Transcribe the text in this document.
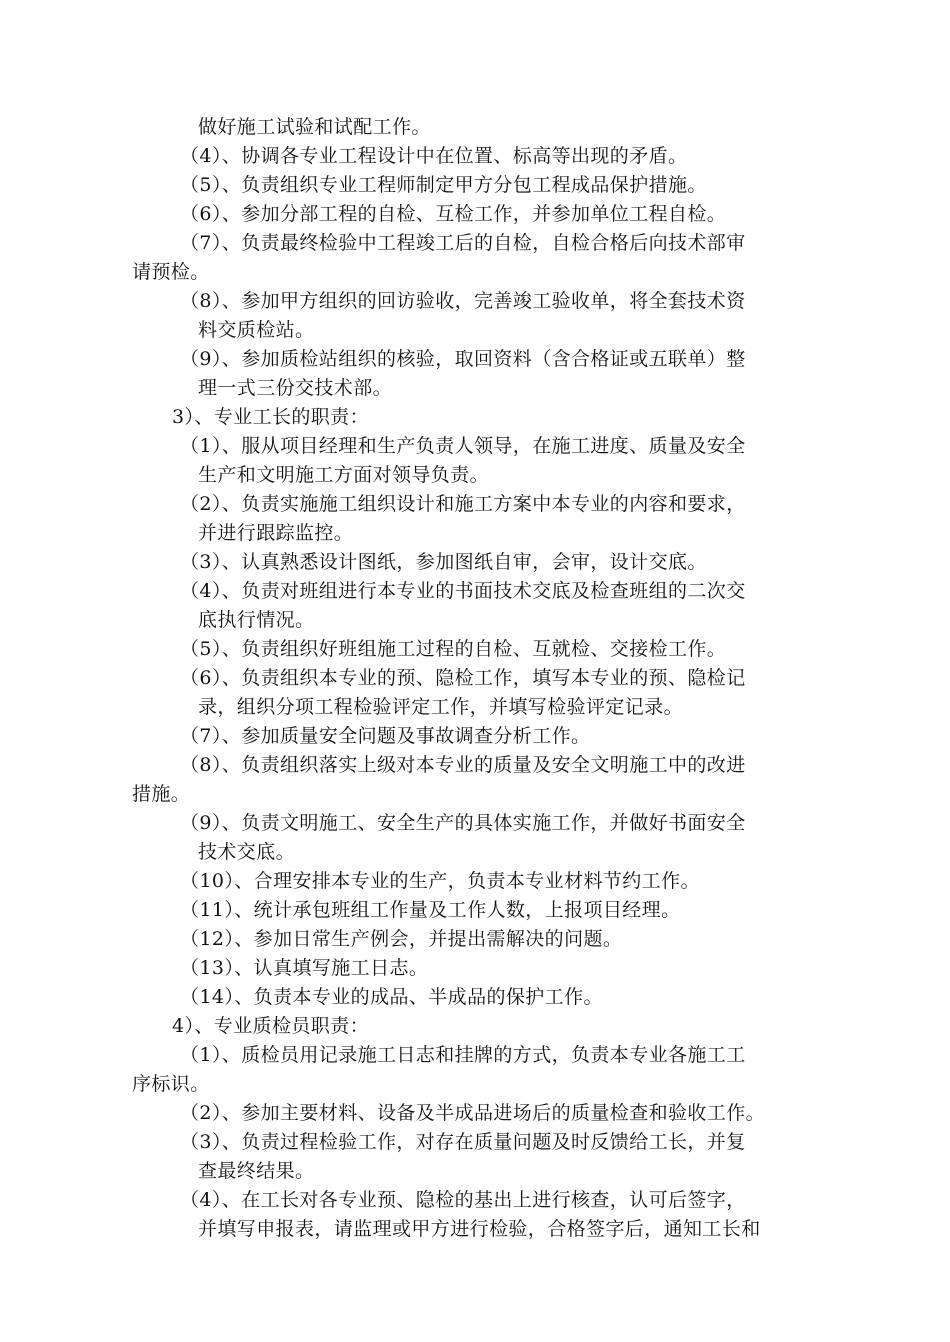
做好施工试验和试配工作。
（4）、协调各专业工程设计中在位置、标高等出现的矛盾。
（5）、负责组织专业工程师制定甲方分包工程成品保护措施。
（6）、参加分部工程的自检、互检工作，并参加单位工程自检。
（7）、负责最终检验中工程竣工后的自检，自检合格后向技术部审
请预检。
（8）、参加甲方组织的回访验收，完善竣工验收单，将全套技术资
料交质检站。
（9）、参加质检站组织的核验，取回资料（含合格证或五联单）整
理一式三份交技术部。
3）、专业工长的职责：
（1）、服从项目经理和生产负责人领导，在施工进度、质量及安全
生产和文明施工方面对领导负责。
（2）、负责实施施工组织设计和施工方案中本专业的内容和要求，
并进行跟踪监控。
（3）、认真熟悉设计图纸，参加图纸自审，会审，设计交底。
（4）、负责对班组进行本专业的书面技术交底及检查班组的二次交
底执行情况。
（5）、负责组织好班组施工过程的自检、互就检、交接检工作。
（6）、负责组织本专业的预、隐检工作，填写本专业的预、隐检记
录，组织分项工程检验评定工作，并填写检验评定记录。
（7）、参加质量安全问题及事故调查分析工作。
（8）、负责组织落实上级对本专业的质量及安全文明施工中的改进
措施。
（9）、负责文明施工、安全生产的具体实施工作，并做好书面安全
技术交底。
（10）、合理安排本专业的生产，负责本专业材料节约工作。
（11）、统计承包班组工作量及工作人数，上报项目经理。
（12）、参加日常生产例会，并提出需解决的问题。
（13）、认真填写施工日志。
（14）、负责本专业的成品、半成品的保护工作。
4）、专业质检员职责：
（1）、质检员用记录施工日志和挂牌的方式，负责本专业各施工工
序标识。
（2）、参加主要材料、设备及半成品进场后的质量检查和验收工作。
（3）、负责过程检验工作，对存在质量问题及时反馈给工长，并复
查最终结果。
（4）、在工长对各专业预、隐检的基出上进行核查，认可后签字，
并填写申报表，请监理或甲方进行检验，合格签字后，通知工长和
